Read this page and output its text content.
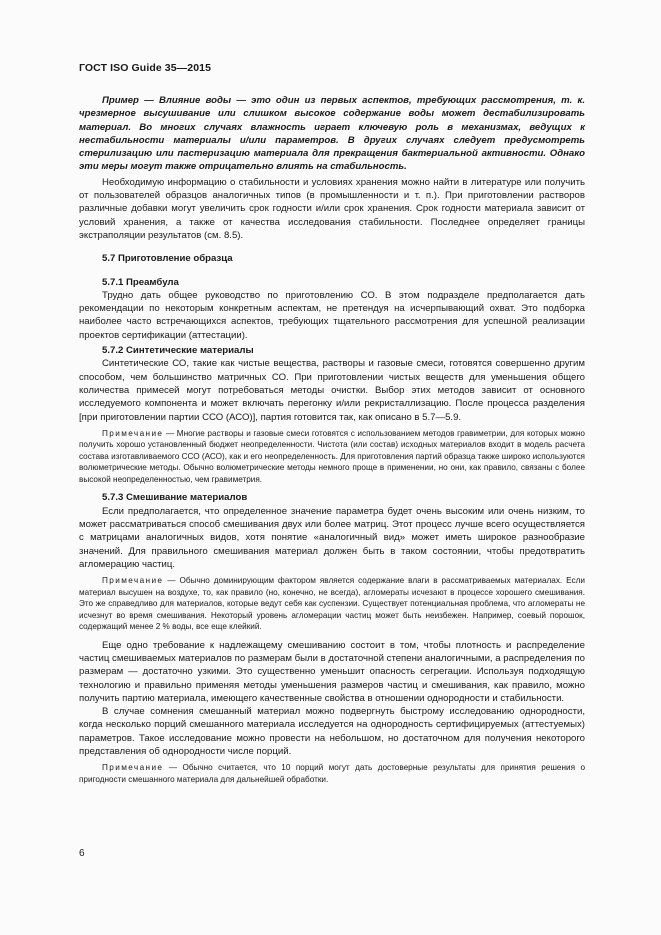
ГОСТ ISO Guide 35—2015

Пример — Влияние воды — это один из первых аспектов, требующих рассмотрения, т. к. чрезмерное высушивание или слишком высокое содержание воды может дестабилизировать материал. Во многих случаях влажность играет ключевую роль в механизмах, ведущих к нестабильности материалы и/или параметров. В других случаях следует предусмотреть стерилизацию или пастеризацию материала для прекращения бактериальной активности. Однако эти меры могут также отрицательно влиять на стабильность.

Необходимую информацию о стабильности и условиях хранения можно найти в литературе или получить от пользователей образцов аналогичных типов (в промышленности и т. п.). При приготовлении растворов различные добавки могут увеличить срок годности и/или срок хранения. Срок годности материала зависит от условий хранения, а также от качества исследования стабильности. Последнее определяет границы экстраполяции результатов (см. 8.5).

5.7 Приготовление образца
5.7.1 Преамбула

Трудно дать общее руководство по приготовлению СО. В этом подразделе предполагается дать рекомендации по некоторым конкретным аспектам, не претендуя на исчерпывающий охват. Это подборка наиболее часто встречающихся аспектов, требующих тщательного рассмотрения для успешной реализации проектов сертификации (аттестации).

5.7.2 Синтетические материалы

Синтетические СО, такие как чистые вещества, растворы и газовые смеси, готовятся совершенно другим способом, чем большинство матричных СО. При приготовлении чистых веществ для уменьшения общего количества примесей могут потребоваться методы очистки. Выбор этих методов зависит от основного исследуемого компонента и может включать перегонку и/или рекристаллизацию. После процесса разделения [при приготовлении партии ССО (АСО)], партия готовится так, как описано в 5.7—5.9.

Примечание — Многие растворы и газовые смеси готовятся с использованием методов гравиметрии, для которых можно получить хорошо установленный бюджет неопределенности. Чистота (или состав) исходных материалов входит в модель расчета состава изготавливаемого ССО (АСО), как и его неопределенность. Для приготовления партий образца также широко используются волюметрические методы. Обычно волюметрические методы немного проще в применении, но они, как правило, связаны с более высокой неопределенностью, чем гравиметрия.

5.7.3 Смешивание материалов

Если предполагается, что определенное значение параметра будет очень высоким или очень низким, то может рассматриваться способ смешивания двух или более матриц. Этот процесс лучше всего осуществляется с матрицами аналогичных видов, хотя понятие «аналогичный вид» может иметь широкое разнообразие значений. Для правильного смешивания материал должен быть в таком состоянии, чтобы предотвратить агломерацию частиц.

Примечание — Обычно доминирующим фактором является содержание влаги в рассматриваемых материалах. Если материал высушен на воздухе, то, как правило (но, конечно, не всегда), агломераты исчезают в процессе хорошего смешивания. Это же справедливо для материалов, которые ведут себя как суспензии. Существует потенциальная проблема, что агломераты не исчезнут во время смешивания. Некоторый уровень агломерации частиц может быть неизбежен. Например, соевый порошок, содержащий менее 2 % воды, все еще клейкий.

Еще одно требование к надлежащему смешиванию состоит в том, чтобы плотность и распределение частиц смешиваемых материалов по размерам были в достаточной степени аналогичными, а распределения по размерам — достаточно узкими. Это существенно уменьшит опасность сегрегации. Используя подходящую технологию и правильно применяя методы уменьшения размеров частиц и смешивания, как правило, можно получить партию материала, имеющего качественные свойства в отношении однородности и стабильности.

В случае сомнения смешанный материал можно подвергнуть быстрому исследованию однородности, когда несколько порций смешанного материала исследуется на однородность сертифицируемых (аттестуемых) параметров. Такое исследование можно провести на небольшом, но достаточном для получения некоторого представления об однородности числе порций.

Примечание — Обычно считается, что 10 порций могут дать достоверные результаты для принятия решения о пригодности смешанного материала для дальнейшей обработки.

6
